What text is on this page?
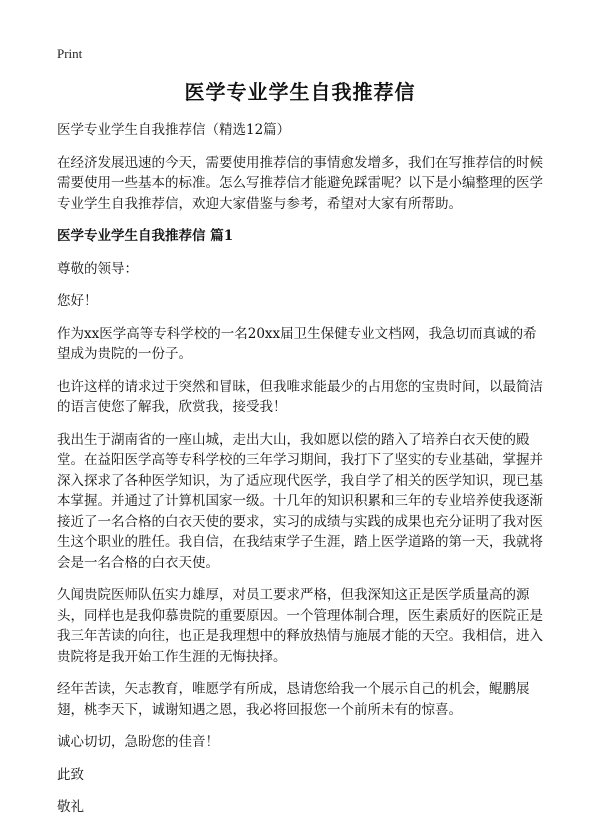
Print
医学专业学生自我推荐信

医学专业学生自我推荐信（精选12篇）

在经济发展迅速的今天，需要使用推荐信的事情愈发增多，我们在写推荐信的时候需要使用一些基本的标准。怎么写推荐信才能避免踩雷呢？以下是小编整理的医学专业学生自我推荐信，欢迎大家借鉴与参考，希望对大家有所帮助。

医学专业学生自我推荐信 篇1

尊敬的领导：

您好！

作为xx医学高等专科学校的一名20xx届卫生保健专业文档网，我急切而真诚的希望成为贵院的一份子。

也许这样的请求过于突然和冒昧，但我唯求能最少的占用您的宝贵时间，以最简洁的语言使您了解我，欣赏我，接受我！

我出生于湖南省的一座山城，走出大山，我如愿以偿的踏入了培养白衣天使的殿堂。在益阳医学高等专科学校的三年学习期间，我打下了坚实的专业基础，掌握并深入探求了各种医学知识，为了适应现代医学，我自学了相关的医学知识，现已基本掌握。并通过了计算机国家一级。十几年的知识积累和三年的专业培养使我逐渐接近了一名合格的白衣天使的要求，实习的成绩与实践的成果也充分证明了我对医生这个职业的胜任。我自信，在我结束学子生涯，踏上医学道路的第一天，我就将会是一名合格的白衣天使。

久闻贵院医师队伍实力雄厚，对员工要求严格，但我深知这正是医学质量高的源头，同样也是我仰慕贵院的重要原因。一个管理体制合理，医生素质好的医院正是我三年苦读的向往，也正是我理想中的释放热情与施展才能的天空。我相信，进入贵院将是我开始工作生涯的无悔抉择。

经年苦读，矢志教育，唯愿学有所成，恳请您给我一个展示自己的机会，鲲鹏展翅，桃李天下，诚谢知遇之恩，我必将回报您一个前所未有的惊喜。

诚心切切，急盼您的佳音！

此致

敬礼
